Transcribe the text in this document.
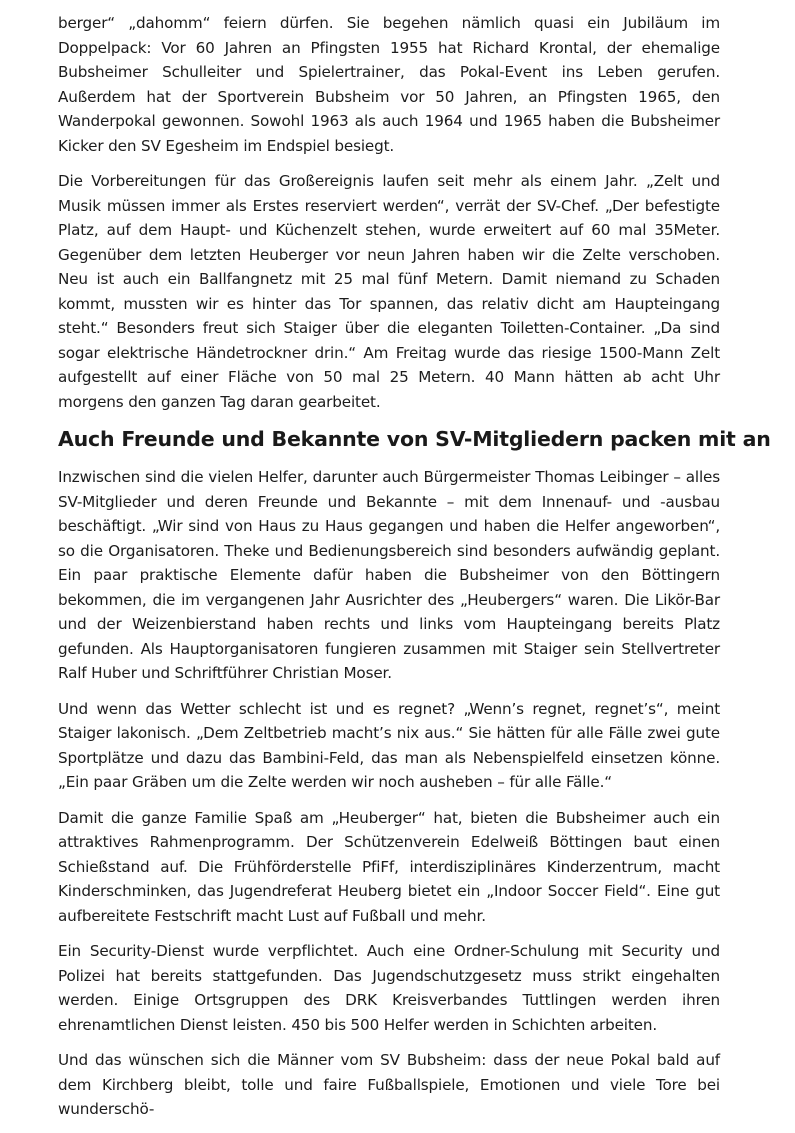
berger“ „dahomm“ feiern dürfen. Sie begehen nämlich quasi ein Jubiläum im Doppelpack: Vor 60 Jahren an Pfingsten 1955 hat Richard Krontal, der ehemalige Bubsheimer Schulleiter und Spielertrainer, das Pokal-Event ins Leben gerufen. Außerdem hat der Sportverein Bubsheim vor 50 Jahren, an Pfingsten 1965, den Wanderpokal gewonnen. Sowohl 1963 als auch 1964 und 1965 haben die Bubsheimer Kicker den SV Egesheim im Endspiel besiegt.

Die Vorbereitungen für das Großereignis laufen seit mehr als einem Jahr. „Zelt und Musik müssen immer als Erstes reserviert werden“, verrät der SV-Chef. „Der befestigte Platz, auf dem Haupt- und Küchenzelt stehen, wurde erweitert auf 60 mal 35Meter. Gegenüber dem letzten Heuberger vor neun Jahren haben wir die Zelte verschoben. Neu ist auch ein Ballfangnetz mit 25 mal fünf Metern. Damit niemand zu Schaden kommt, mussten wir es hinter das Tor spannen, das relativ dicht am Haupteingang steht.“ Besonders freut sich Staiger über die eleganten Toiletten-Container. „Da sind sogar elektrische Händetrockner drin.“ Am Freitag wurde das riesige 1500-Mann Zelt aufgestellt auf einer Fläche von 50 mal 25 Metern. 40 Mann hätten ab acht Uhr morgens den ganzen Tag daran gearbeitet.

Auch Freunde und Bekannte von SV-Mitgliedern packen mit an

Inzwischen sind die vielen Helfer, darunter auch Bürgermeister Thomas Leibinger – alles SV-Mitglieder und deren Freunde und Bekannte – mit dem Innenauf- und -ausbau beschäftigt. „Wir sind von Haus zu Haus gegangen und haben die Helfer angeworben“, so die Organisatoren. Theke und Bedienungsbereich sind besonders aufwändig geplant. Ein paar praktische Elemente dafür haben die Bubsheimer von den Böttingern bekommen, die im vergangenen Jahr Ausrichter des „Heubergers“ waren. Die Likör-Bar und der Weizenbierstand haben rechts und links vom Haupteingang bereits Platz gefunden. Als Hauptorganisatoren fungieren zusammen mit Staiger sein Stellvertreter Ralf Huber und Schriftführer Christian Moser.

Und wenn das Wetter schlecht ist und es regnet? „Wenn’s regnet, regnet’s“, meint Staiger lakonisch. „Dem Zeltbetrieb macht’s nix aus.“ Sie hätten für alle Fälle zwei gute Sportplätze und dazu das Bambini-Feld, das man als Nebenspielfeld einsetzen könne. „Ein paar Gräben um die Zelte werden wir noch ausheben – für alle Fälle.“

Damit die ganze Familie Spaß am „Heuberger“ hat, bieten die Bubsheimer auch ein attraktives Rahmenprogramm. Der Schützenverein Edelweiß Böttingen baut einen Schießstand auf. Die Frühförderstelle PfiFf, interdisziplinäres Kinderzentrum, macht Kinderschminken, das Jugendreferat Heuberg bietet ein „Indoor Soccer Field“. Eine gut aufbereitete Festschrift macht Lust auf Fußball und mehr.

Ein Security-Dienst wurde verpflichtet. Auch eine Ordner-Schulung mit Security und Polizei hat bereits stattgefunden. Das Jugendschutzgesetz muss strikt eingehalten werden. Einige Ortsgruppen des DRK Kreisverbandes Tuttlingen werden ihren ehrenamtlichen Dienst leisten. 450 bis 500 Helfer werden in Schichten arbeiten.

Und das wünschen sich die Männer vom SV Bubsheim: dass der neue Pokal bald auf dem Kirchberg bleibt, tolle und faire Fußballspiele, Emotionen und viele Tore bei wunderschö-
